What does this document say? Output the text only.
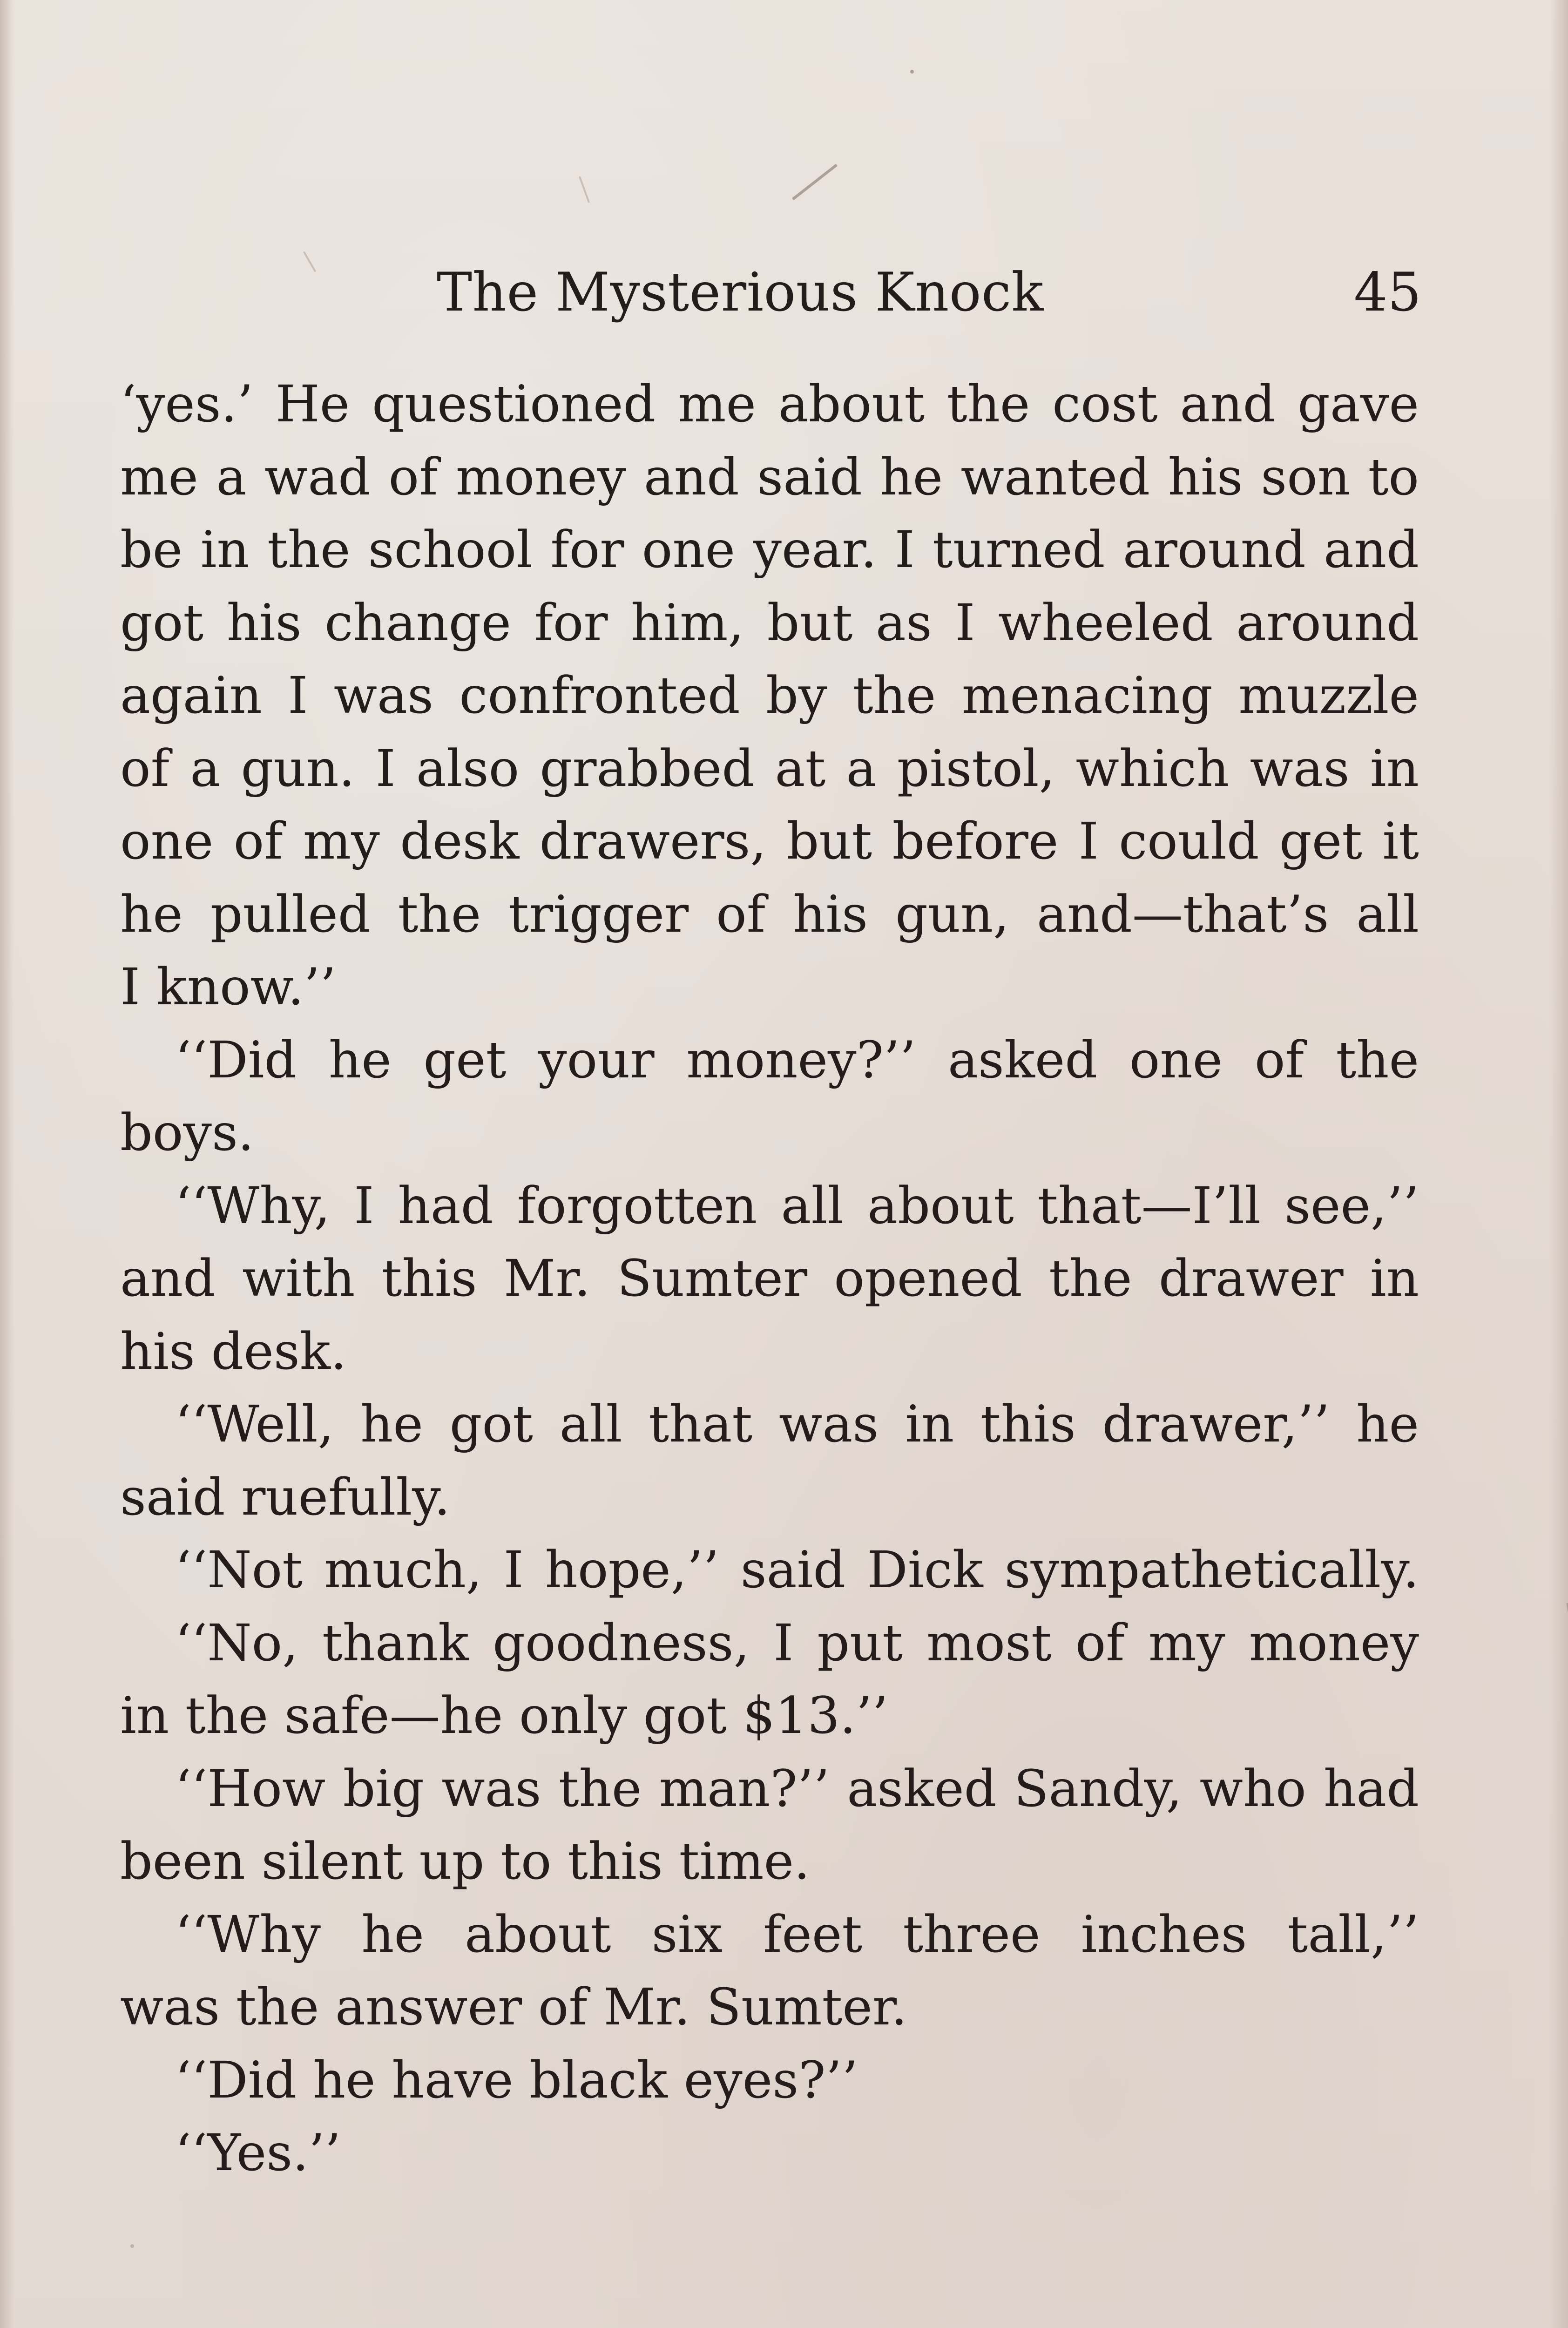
The Mysterious Knock	45
‘yes.’ He questioned me about the cost and gave
me a wad of money and said he wanted his son to
be in the school for one year. I turned around and
got his change for him, but as I wheeled around
again I was confronted by the menacing muzzle
of a gun. I also grabbed at a pistol, which was in
one of my desk drawers, but before I could get it
he pulled the trigger of his gun, and—that’s all
I know.’’
‘‘Did he get your money?’’ asked one of the
boys.
‘‘Why, I had forgotten all about that—I’ll see,’’
and with this Mr. Sumter opened the drawer in
his desk.
‘‘Well, he got all that was in this drawer,’’ he
said ruefully.
‘‘Not much, I hope,’’ said Dick sympathetically.
‘‘No, thank goodness, I put most of my money
in the safe—he only got $13.’’
‘‘How big was the man?’’ asked Sandy, who had
been silent up to this time.
‘‘Why he about six feet three inches tall,’’
was the answer of Mr. Sumter.
‘‘Did he have black eyes?’’
‘‘Yes.’’
